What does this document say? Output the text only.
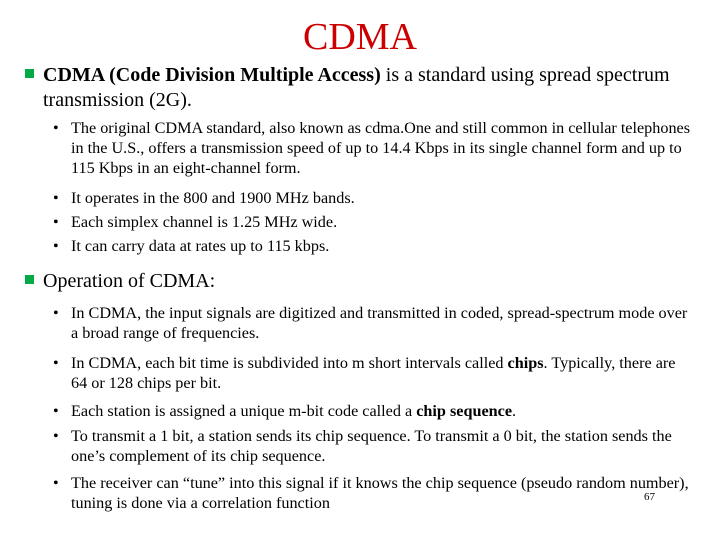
CDMA
CDMA (Code Division Multiple Access) is a standard using spread spectrum transmission (2G).
• The original CDMA standard, also known as cdma.One and still common in cellular telephones in the U.S., offers a transmission speed of up to 14.4 Kbps in its single channel form and up to 115 Kbps in an eight-channel form.
• It operates in the 800 and 1900 MHz bands.
• Each simplex channel is 1.25 MHz wide.
• It can carry data at rates up to 115 kbps.
Operation of CDMA:
• In CDMA, the input signals are digitized and transmitted in coded, spread-spectrum mode over a broad range of frequencies.
• In CDMA, each bit time is subdivided into m short intervals called chips. Typically, there are 64 or 128 chips per bit.
• Each station is assigned a unique m-bit code called a chip sequence.
• To transmit a 1 bit, a station sends its chip sequence. To transmit a 0 bit, the station sends the one’s complement of its chip sequence.
• The receiver can “tune” into this signal if it knows the chip sequence (pseudo random number), tuning is done via a correlation function	67
